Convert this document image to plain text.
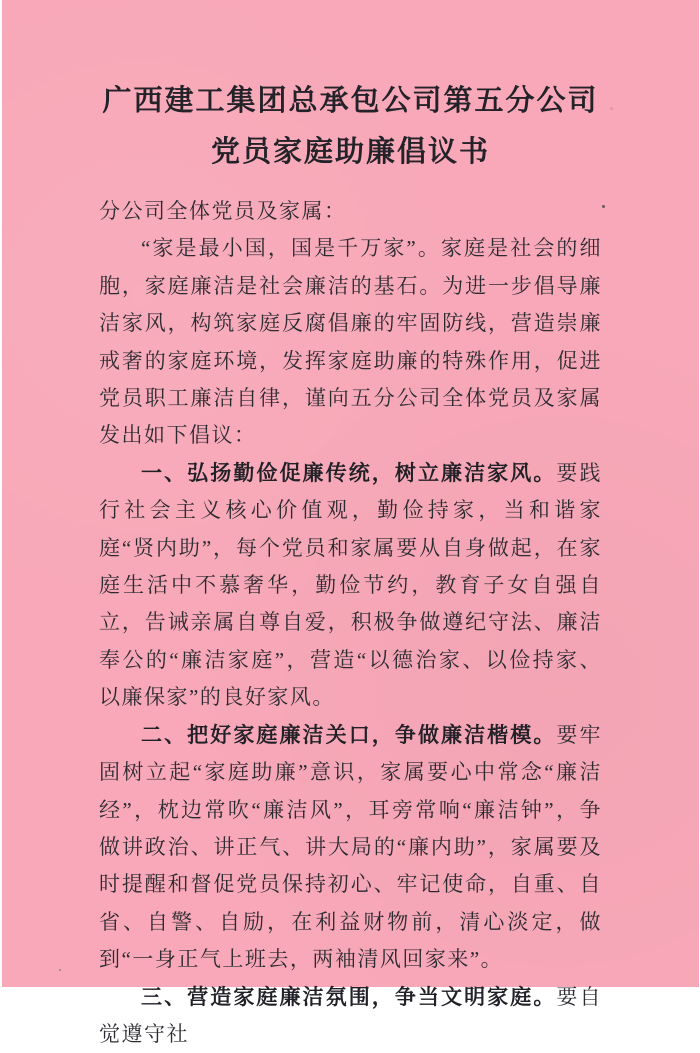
广西建工集团总承包公司第五分公司
党员家庭助廉倡议书

分公司全体党员及家属：

“家是最小国，国是千万家”。家庭是社会的细胞，家庭廉洁是社会廉洁的基石。为进一步倡导廉洁家风，构筑家庭反腐倡廉的牢固防线，营造崇廉戒奢的家庭环境，发挥家庭助廉的特殊作用，促进党员职工廉洁自律，谨向五分公司全体党员及家属发出如下倡议：

一、弘扬勤俭促廉传统，树立廉洁家风。要践行社会主义核心价值观，勤俭持家，当和谐家庭“贤内助”，每个党员和家属要从自身做起，在家庭生活中不慕奢华，勤俭节约，教育子女自强自立，告诫亲属自尊自爱，积极争做遵纪守法、廉洁奉公的“廉洁家庭”，营造“以德治家、以俭持家、以廉保家”的良好家风。

二、把好家庭廉洁关口，争做廉洁楷模。要牢固树立起“家庭助廉”意识，家属要心中常念“廉洁经”，枕边常吹“廉洁风”，耳旁常响“廉洁钟”，争做讲政治、讲正气、讲大局的“廉内助”，家属要及时提醒和督促党员保持初心、牢记使命，自重、自省、自警、自励，在利益财物前，清心淡定，做到“一身正气上班去，两袖清风回家来”。

三、营造家庭廉洁氛围，争当文明家庭。要自觉遵守社
